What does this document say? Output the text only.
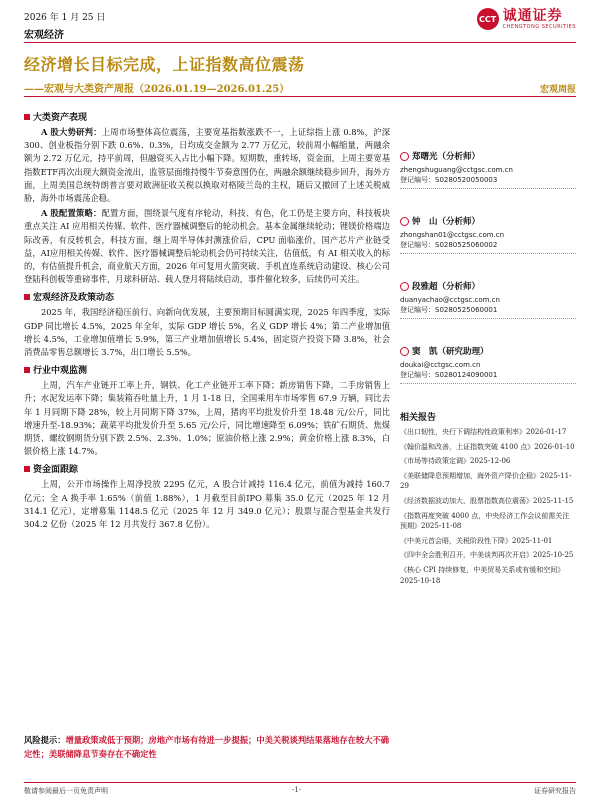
2026 年 1 月 25 日
宏观经济
CCT 诚通证券
CHENGTONG SECURITIES
经济增长目标完成，上证指数高位震荡
——宏观与大类资产周报（2026.01.19—2026.01.25）	宏观周报
大类资产表现

A 股大势研判：上周市场整体高位震荡，主要宽基指数涨跌不一，上证综指上涨 0.8%，沪深 300、创业板指分别下跌 0.6%、0.3%，日均成交金额为 2.77 万亿元，较前周小幅缩量，两融余额为 2.72 万亿元，持平前周，但融资买入占比小幅下降。短期数，重转场，资金面，上周主要宽基指数ETF再次出现大额资金流出，监管层面维持慢牛节奏意图仍在，两融余额继续稳步回升，海外方面，上周美国总统特朗普言要对欧洲征收关税以换取对格陵兰岛的主权，随后又撤回了上述关税威胁，海外市场震荡企稳。

A 股配置策略：配置方面，围绕景气度有序轮动，科技、有色，化工仍是主要方向，科技板块重点关注 AI 应用相关传媒、软件、医疗器械调整后的轮动机会。基本金属继续轮动；锂镁价格端边际改善，有反转机会，科技方面，继上周半导体封测涨价后，CPU 面临涨价，国产芯片产业链受益，AI应用相关传媒、软件、医疗器械调整后轮动机会仍可持续关注，估值低，有 AI 相关收入的标的，有估值提升机会，商业航天方面，2026 年可复用火箭突破、手机直连系统启动建设、核心公司登陆科创板等重磅事件，月球科研站、载人登月将陆续启动，事件催化较多，后续仍可关注。

宏观经济及政策动态

2025 年，我国经济稳压前行、向新向优发展，主要预期目标圆满实现，2025 年四季度，实际 GDP 同比增长 4.5%，2025 年全年，实际 GDP 增长 5%，名义 GDP 增长 4%；第二产业增加值增长 4.5%，工业增加值增长 5.9%，第三产业增加值增长 5.4%，固定资产投资下降 3.8%，社会消费品零售总额增长 3.7%，出口增长 5.5%。

行业中观监测

上周，汽车产业链开工率上升，钢铁、化工产业链开工率下降；新房销售下降，二手房销售上升；水泥发运率下降；集装箱吞吐量上升，1 月 1-18 日，全国乘用车市场零售 67.9 万辆，同比去年 1 月同期下降 28%，较上月同期下降 37%，上周，猪肉平均批发价升至 18.48 元/公斤，同比增速升至-18.93%；蔬菜平均批发价升至 5.65 元/公斤，同比增速降至 6.09%；铁矿石期货、焦煤期货、螺纹钢期货分别下跌 2.5%、2.3%、1.0%；原油价格上涨 2.9%；黄金价格上涨 8.3%，白银价格上涨 14.7%。

资金面跟踪

上周，公开市场操作上周净投放 2295 亿元，A 股合计减持 116.4 亿元，前值为减持 160.7 亿元；全 A 换手率 1.65%（前值 1.88%），1 月截至目前IPO 募集 35.0 亿元（2025 年 12 月 314.1 亿元），定增募集 1148.5 亿元（2025 年 12 月 349.0 亿元）；股票与混合型基金共发行 304.2 亿份（2025 年 12 月共发行 367.8 亿份）。

风险提示：增量政策或低于预期；房地产市场有待进一步提振；中美关税谈判结果落地存在较大不确定性；美联储降息节奏存在不确定性
郑曙光（分析师）
zhengshuguang@cctgsc.com.cn
登记编号：S0280520050003
钟　山（分析师）
zhongshan01@cctgsc.com.cn
登记编号：S0280525060002
段雅超（分析师）
duanyachao@cctgsc.com.cn
登记编号：S0280525060001
窦　凯（研究助理）
doukai@cctgsc.com.cn
登记编号：S0280124090001
相关报告
《出口韧性，央行下调结构性政策利率》2026-01-17
《翰价温和改善，上证指数突破 4100 点》2026-01-10
《市场等待政策定调》2025-12-06
《美联储降息预期增加，海外资产降价企稳》2025-11-29
《经济数据波动加大，股票指数高位震荡》2025-11-15
《指数再度突破 4000 点，中央经济工作会议前需关注预期》2025-11-08
《中美元首会晤，关税阶段性下降》2025-11-01
《四中全会胜利召开，中美谈判再次开启》2025-10-25
《核心 CPI 持续修复，中美贸易关系或有缓和空间》2025-10-18
敬请参阅最后一页免责声明	-1-	证券研究报告
